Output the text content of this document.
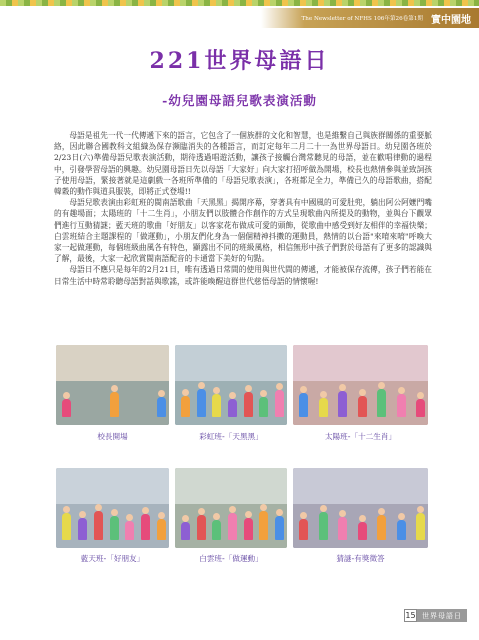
The Newsletter of NFHS 106年第26卷第1期 實中園地
221世界母語日
-幼兒園母語兒歌表演活動

母語是祖先一代一代傳遞下來的語言，它包含了一個族群的文化和智慧，也是維繫自己與族群關係的重要脈絡，因此聯合國教科文組織為保存瀕臨消失的各種語言，而訂定每年二月二十一為世界母語日。幼兒園各班於2/23日(六)準備母語兒歌表演活動，期待透過唱遊活動，讓孩子接觸台灣常聽見的母語，並在歡唱律動的過程中，引發學習母語的興趣。幼兒園母語日先以母語「大家好」向大家打招呼做為開場，校長也熱情參與並致詞孩子使用母語，緊接著就是這劇戲一各班所準備的「母語兒歌表演」，各班都足全力，準備已久的母語歌曲，搭配韓穀的動作與道具服裝，即將正式登場!!

母語兒歌表演由彩虹班的閩南語歌曲「天黑黑」揭開序幕，穿著具有中國風的可愛肚兜，躺出阿公阿嬤門嘴的有趣場面；太陽班的「十二生肖」，小朋友們以肢體合作創作的方式呈現歌曲內所提及的動物，並與台下觀眾們進行互動猜謎；藍天班的歌曲「好朋友」以客家花布做成可愛的頭飾，從歌曲中感受到好友相伴的幸福快樂；白雲班結合主題課程的「做運動」，小朋友們化身為一個個精神抖擻的運動員，熱情的以台語"來唷來唷"呼喚大家一起做運動，每個班級曲風各有特色，顯露出不同的班級風格，相信無形中孩子們對於母語有了更多的認識與了解，最後，大家一起欣賞閩南語配音的卡通當下美好的句點。

母語日不應只是每年的2月21日，唯有透過日常間的使用與世代間的傳遞，才能被保存流傳，孩子們若能在日常生活中時常聆聽母語對話與歌謠，或許能喚醒這群世代慈悟母語的情懷喔!

校長開場	彩虹班-「天黑黑」	太陽班-「十二生肖」
藍天班-「好朋友」	白雲班-「做運動」	猜謎-有獎徵答
15 世界母語日
